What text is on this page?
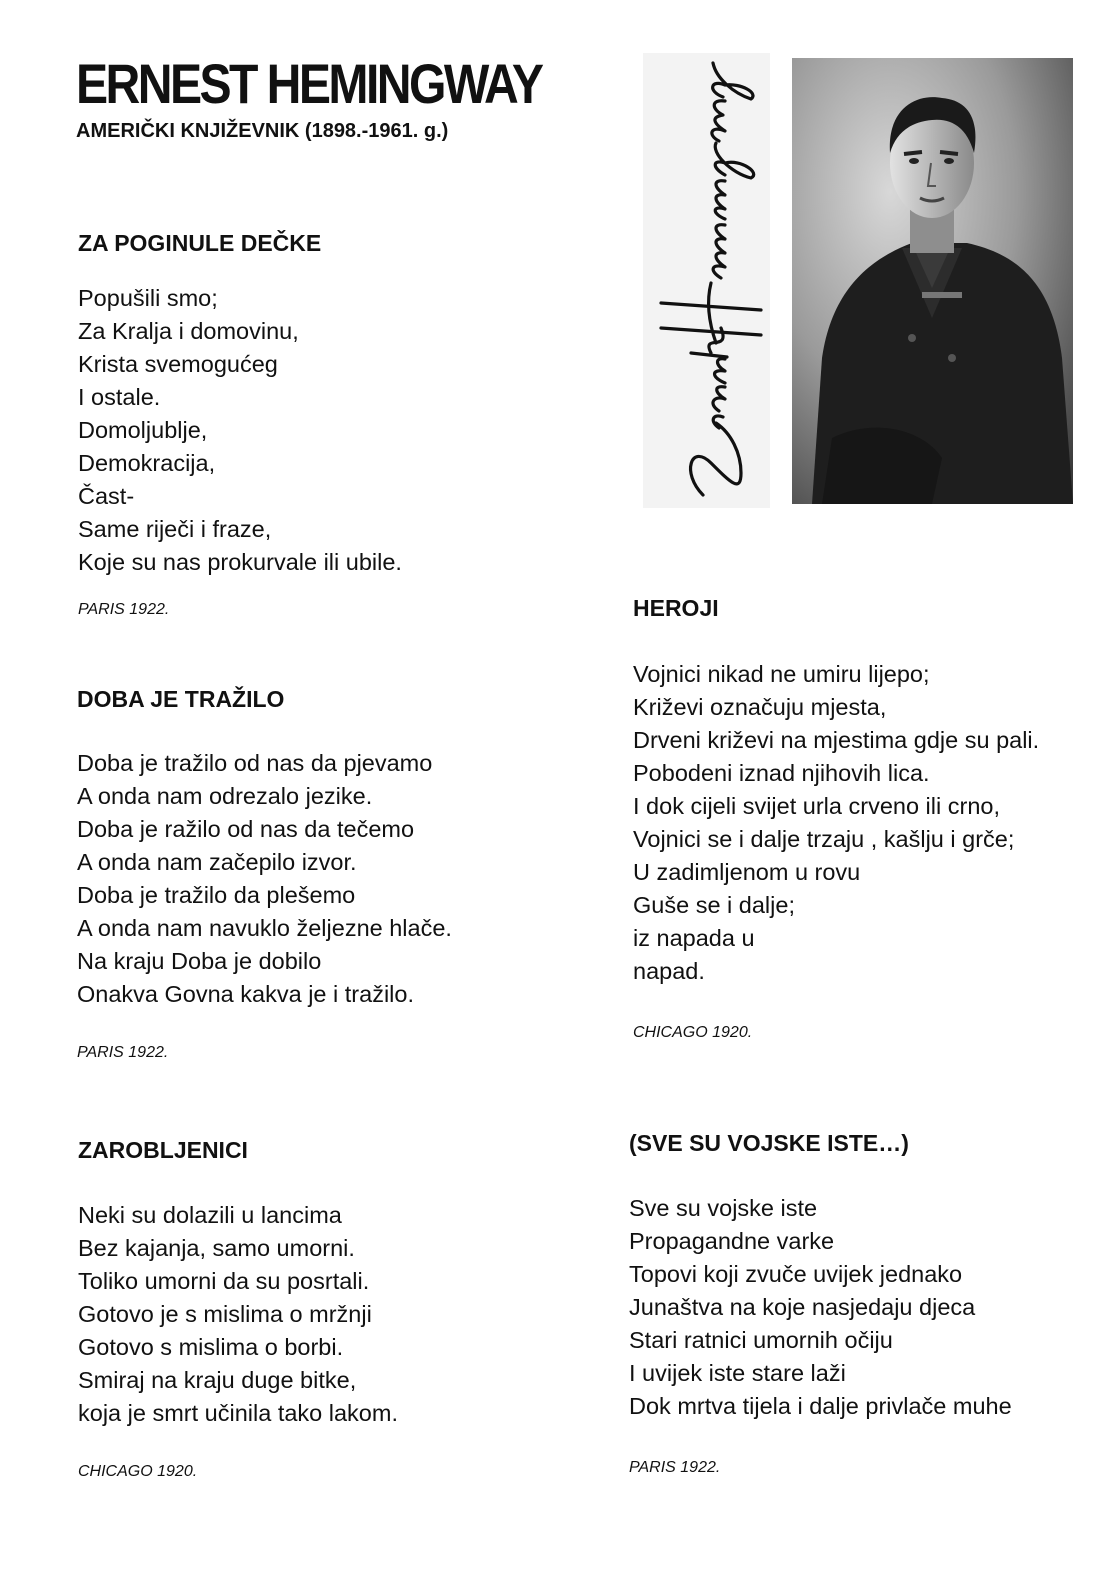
ERNEST HEMINGWAY
AMERIČKI KNJIŽEVNIK (1898.-1961. g.)
ZA POGINULE DEČKE
Popušili smo;
Za Kralja i domovinu,
Krista svemogućeg
I ostale.
Domoljublje,
Demokracija,
Čast-
Same riječi i fraze,
Koje su nas prokurvale ili ubile.
PARIS 1922.
DOBA JE TRAŽILO
Doba je tražilo od nas da pjevamo
A onda nam odrezalo jezike.
Doba je ražilo od nas da tečemo
A onda nam začepilo izvor.
Doba je tražilo da plešemo
A onda nam navuklo željezne hlače.
Na kraju Doba je dobilo
Onakva Govna kakva je i tražilo.
PARIS 1922.
ZAROBLJENICI
Neki su dolazili u lancima
Bez kajanja, samo umorni.
Toliko umorni da su posrtali.
Gotovo je s mislima o mržnji
Gotovo s mislima o borbi.
Smiraj na kraju duge bitke,
koja je smrt učinila tako lakom.
CHICAGO 1920.
HEROJI
Vojnici nikad ne umiru lijepo;
Križevi označuju mjesta,
Drveni križevi na mjestima gdje su pali.
Pobodeni iznad njihovih lica.
I dok cijeli svijet urla crveno ili crno,
Vojnici se i dalje trzaju , kašlju i grče;
U zadimljenom u rovu
Guše se i dalje;
iz napada u
napad.
CHICAGO 1920.
(SVE SU VOJSKE ISTE…)
Sve su vojske iste
Propagandne varke
Topovi koji zvuče uvijek jednako
Junaštva na koje nasjedaju djeca
Stari ratnici umornih očiju
I uvijek iste stare laži
Dok mrtva tijela i dalje privlače muhe
PARIS 1922.
